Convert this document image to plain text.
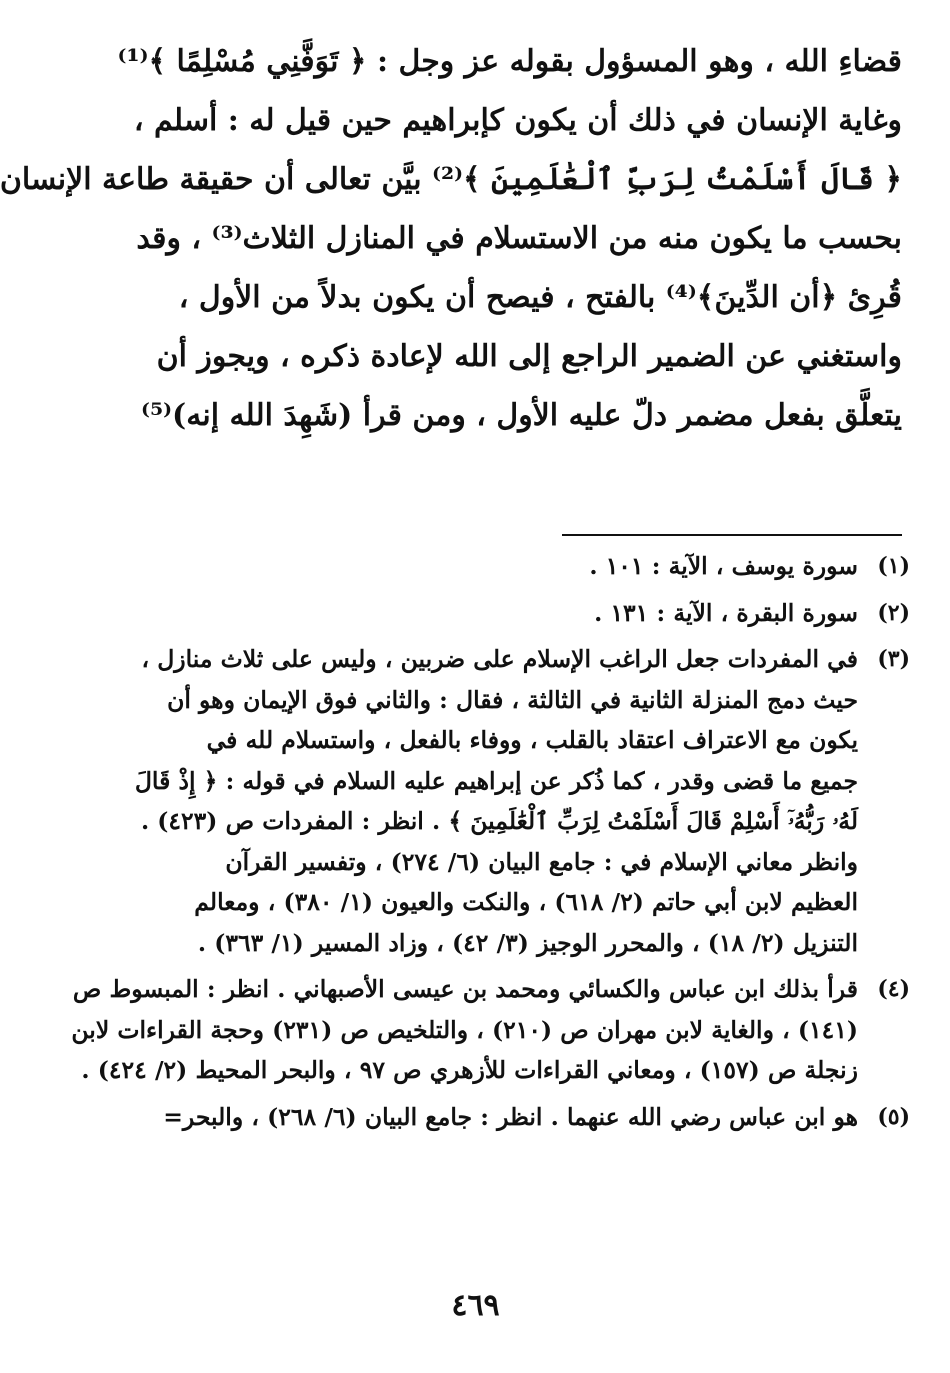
قضاءِ الله ، وهو المسؤول بقوله عز وجل : ﴿ تَوَفَّنِي مُسْلِمًا ﴾⁽¹⁾
وغاية الإنسان في ذلك أن يكون كإبراهيم حين قيل له : أسلم ،
﴿ قَالَ أَسْلَمْتُ لِرَبِّ ٱلْعَٰلَمِينَ ﴾⁽²⁾ بيَّن تعالى أن حقيقة طاعة الإنسان
بحسب ما يكون منه من الاستسلام في المنازل الثلاث⁽³⁾ ، وقد
قُرِئ ﴿أن الدِّينَ﴾⁽⁴⁾ بالفتح ، فيصح أن يكون بدلاً من الأول ،
واستغني عن الضمير الراجع إلى الله لإعادة ذكره ، ويجوز أن
يتعلَّق بفعل مضمر دلّ عليه الأول ، ومن قرأ (شَهِدَ الله إنه)⁽⁵⁾
(١)
سورة يوسف ، الآية : ١٠١ .
(٢)
سورة البقرة ، الآية : ١٣١ .
(٣)
في المفردات جعل الراغب الإسلام على ضربين ، وليس على ثلاث منازل ،
حيث دمج المنزلة الثانية في الثالثة ، فقال : والثاني فوق الإيمان وهو أن
يكون مع الاعتراف اعتقاد بالقلب ، ووفاء بالفعل ، واستسلام لله في
جميع ما قضى وقدر ، كما ذُكر عن إبراهيم عليه السلام في قوله : ﴿ إِذْ قَالَ
لَهُۥ رَبُّهُۥٓ أَسْلِمْ قَالَ أَسْلَمْتُ لِرَبِّ ٱلْعَٰلَمِينَ ﴾ . انظر : المفردات ص (٤٢٣) .
وانظر معاني الإسلام في : جامع البيان (٦/ ٢٧٤) ، وتفسير القرآن
العظيم لابن أبي حاتم (٢/ ٦١٨) ، والنكت والعيون (١/ ٣٨٠) ، ومعالم
التنزيل (٢/ ١٨) ، والمحرر الوجيز (٣/ ٤٢) ، وزاد المسير (١/ ٣٦٣) .
(٤)
قرأ بذلك ابن عباس والكسائي ومحمد بن عيسى الأصبهاني . انظر : المبسوط ص
(١٤١) ، والغاية لابن مهران ص (٢١٠) ، والتلخيص ص (٢٣١) وحجة القراءات لابن
زنجلة ص (١٥٧) ، ومعاني القراءات للأزهري ص ٩٧ ، والبحر المحيط (٢/ ٤٢٤) .
(٥)
هو ابن عباس رضي الله عنهما . انظر : جامع البيان (٦/ ٢٦٨) ، والبحر=
٤٦٩
